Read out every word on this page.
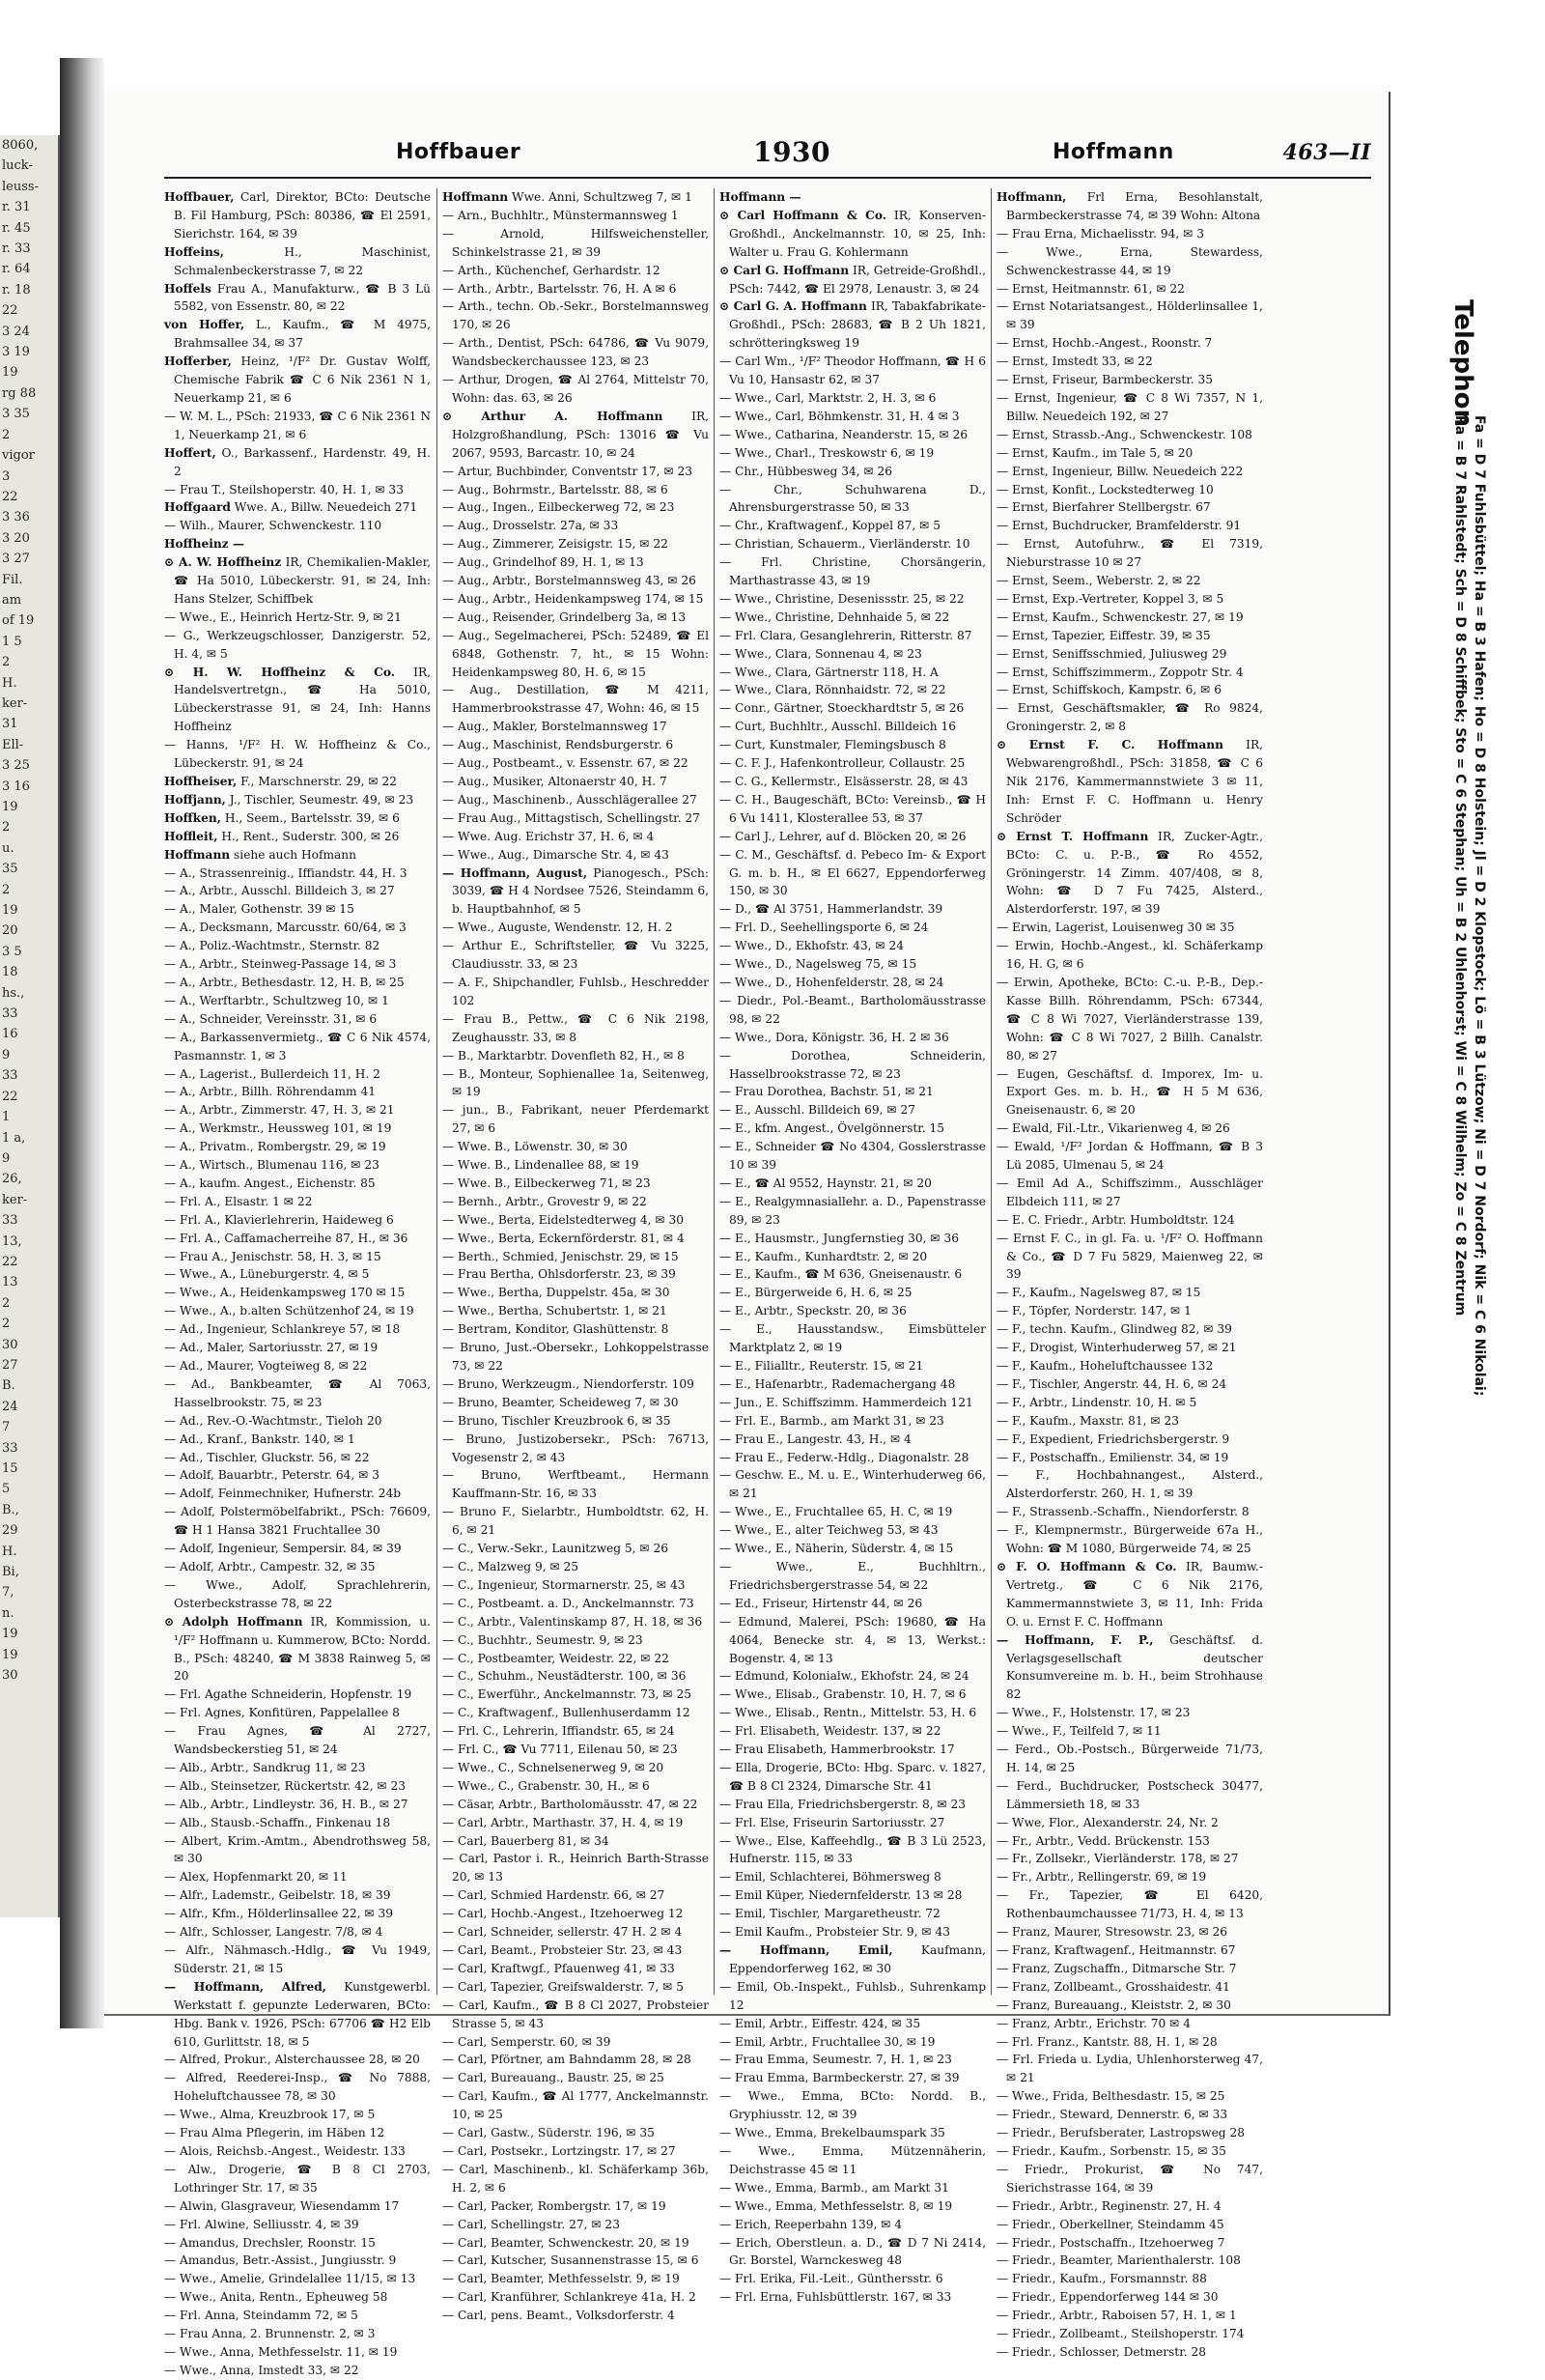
8060,
luck-
leuss-
r. 31
r. 45
r. 33
r. 64
r. 18
22
3 24
3 19
19
rg 88
3 35
2
vigor
3
22
3 36
3 20
3 27
Fil.
am
of 19
1 5
2
H.
ker-
31
Ell-
3 25
3 16
19
2
u.
35
2
19
20
3 5
18
hs.,
33
16
9
33
22
1
1 a,
9
26,
ker-
33
13,
22
13
2
2
30
27
B.
24
7
33
15
5
B.,
29
H.
Bi,
7,
n.
19
19
30
Hoffbauer	1930	Hoffmann	463—II

Hoffbauer, Carl, Direktor, BCto: Deutsche B. Fil Hamburg, PSch: 80386, ☎ El 2591, Sierichstr. 164, ✉ 39

Hoffeins, H., Maschinist, Schmalenbeckerstrasse 7, ✉ 22

Hoffels Frau A., Manufakturw., ☎ B 3 Lü 5582, von Essenstr. 80, ✉ 22

von Hoffer, L., Kaufm., ☎ M 4975, Brahmsallee 34, ✉ 37

Hofferber, Heinz, ¹/F² Dr. Gustav Wolff, Chemische Fabrik ☎ C 6 Nik 2361 N 1, Neuerkamp 21, ✉ 6

— W. M. L., PSch: 21933, ☎ C 6 Nik 2361 N 1, Neuerkamp 21, ✉ 6

Hoffert, O., Barkassenf., Hardenstr. 49, H. 2

— Frau T., Steilshoperstr. 40, H. 1, ✉ 33

Hoffgaard Wwe. A., Billw. Neuedeich 271

— Wilh., Maurer, Schwenckestr. 110

Hoffheinz —

⊙ A. W. Hoffheinz IR, Chemikalien-Makler, ☎ Ha 5010, Lübeckerstr. 91, ✉ 24, Inh: Hans Stelzer, Schiffbek

— Wwe., E., Heinrich Hertz-Str. 9, ✉ 21

— G., Werkzeugschlosser, Danzigerstr. 52, H. 4, ✉ 5

⊙ H. W. Hoffheinz & Co. IR, Handelsvertretgn., ☎ Ha 5010, Lübeckerstrasse 91, ✉ 24, Inh: Hanns Hoffheinz

— Hanns, ¹/F² H. W. Hoffheinz & Co., Lübeckerstr. 91, ✉ 24

Hoffheiser, F., Marschnerstr. 29, ✉ 22

Hoffjann, J., Tischler, Seumestr. 49, ✉ 23

Hoffken, H., Seem., Bartelsstr. 39, ✉ 6

Hoffleit, H., Rent., Suderstr. 300, ✉ 26

Hoffmann siehe auch Hofmann

— A., Strassenreinig., Iffiandstr. 44, H. 3

— A., Arbtr., Ausschl. Billdeich 3, ✉ 27

— A., Maler, Gothenstr. 39 ✉ 15

— A., Decksmann, Marcusstr. 60/64, ✉ 3

— A., Poliz.-Wachtmstr., Sternstr. 82

— A., Arbtr., Steinweg-Passage 14, ✉ 3

— A., Arbtr., Bethesdastr. 12, H. B, ✉ 25

— A., Werftarbtr., Schultzweg 10, ✉ 1

— A., Schneider, Vereinsstr. 31, ✉ 6

— A., Barkassenvermietg., ☎ C 6 Nik 4574, Pasmannstr. 1, ✉ 3

— A., Lagerist., Bullerdeich 11, H. 2

— A., Arbtr., Billh. Röhrendamm 41

— A., Arbtr., Zimmerstr. 47, H. 3, ✉ 21

— A., Werkmstr., Heussweg 101, ✉ 19

— A., Privatm., Rombergstr. 29, ✉ 19

— A., Wirtsch., Blumenau 116, ✉ 23

— A., kaufm. Angest., Eichenstr. 85

— Frl. A., Elsastr. 1 ✉ 22

— Frl. A., Klavierlehrerin, Haideweg 6

— Frl. A., Caffamacherreihe 87, H., ✉ 36

— Frau A., Jenischstr. 58, H. 3, ✉ 15

— Wwe., A., Lüneburgerstr. 4, ✉ 5

— Wwe., A., Heidenkampsweg 170 ✉ 15

— Wwe., A., b.alten Schützenhof 24, ✉ 19

— Ad., Ingenieur, Schlankreye 57, ✉ 18

— Ad., Maler, Sartoriusstr. 27, ✉ 19

— Ad., Maurer, Vogteiweg 8, ✉ 22

— Ad., Bankbeamter, ☎ Al 7063, Hasselbrookstr. 75, ✉ 23

— Ad., Rev.-O.-Wachtmstr., Tieloh 20

— Ad., Kranf., Bankstr. 140, ✉ 1

— Ad., Tischler, Gluckstr. 56, ✉ 22

— Adolf, Bauarbtr., Peterstr. 64, ✉ 3

— Adolf, Feinmechniker, Hufnerstr. 24b

— Adolf, Polstermöbelfabrikt., PSch: 76609, ☎ H 1 Hansa 3821 Fruchtallee 30

— Adolf, Ingenieur, Sempersir. 84, ✉ 39

— Adolf, Arbtr., Campestr. 32, ✉ 35

— Wwe., Adolf, Sprachlehrerin, Osterbeckstrasse 78, ✉ 22

⊙ Adolph Hoffmann IR, Kommission, u. ¹/F² Hoffmann u. Kummerow, BCto: Nordd. B., PSch: 48240, ☎ M 3838 Rainweg 5, ✉ 20

— Frl. Agathe Schneiderin, Hopfenstr. 19

— Frl. Agnes, Konfitüren, Pappelallee 8

— Frau Agnes, ☎ Al 2727, Wandsbeckerstieg 51, ✉ 24

— Alb., Arbtr., Sandkrug 11, ✉ 23

— Alb., Steinsetzer, Rückertstr. 42, ✉ 23

— Alb., Arbtr., Lindleystr. 36, H. B., ✉ 27

— Alb., Stausb.-Schaffn., Finkenau 18

— Albert, Krim.-Amtm., Abendrothsweg 58, ✉ 30

— Alex, Hopfenmarkt 20, ✉ 11

— Alfr., Lademstr., Geibelstr. 18, ✉ 39

— Alfr., Kfm., Hölderlinsallee 22, ✉ 39

— Alfr., Schlosser, Langestr. 7/8, ✉ 4

— Alfr., Nähmasch.-Hdlg., ☎ Vu 1949, Süderstr. 21, ✉ 15

— Hoffmann, Alfred, Kunstgewerbl. Werkstatt f. gepunzte Lederwaren, BCto: Hbg. Bank v. 1926, PSch: 67706 ☎ H2 Elb 610, Gurlittstr. 18, ✉ 5

— Alfred, Prokur., Alsterchaussee 28, ✉ 20

— Alfred, Reederei-Insp., ☎ No 7888, Hoheluftchaussee 78, ✉ 30

— Wwe., Alma, Kreuzbrook 17, ✉ 5

— Frau Alma Pflegerin, im Häben 12

— Alois, Reichsb.-Angest., Weidestr. 133

— Alw., Drogerie, ☎ B 8 Cl 2703, Lothringer Str. 17, ✉ 35

— Alwin, Glasgraveur, Wiesendamm 17

— Frl. Alwine, Selliusstr. 4, ✉ 39

— Amandus, Drechsler, Roonstr. 15

— Amandus, Betr.-Assist., Jungiusstr. 9

— Wwe., Amelie, Grindelallee 11/15, ✉ 13

— Wwe., Anita, Rentn., Epheuweg 58

— Frl. Anna, Steindamm 72, ✉ 5

— Frau Anna, 2. Brunnenstr. 2, ✉ 3

— Wwe., Anna, Methfesselstr. 11, ✉ 19

— Wwe., Anna, Imstedt 33, ✉ 22

Hoffmann Wwe. Anni, Schultzweg 7, ✉ 1

— Arn., Buchhltr., Münstermannsweg 1

— Arnold, Hilfsweichensteller, Schinkelstrasse 21, ✉ 39

— Arth., Küchenchef, Gerhardstr. 12

— Arth., Arbtr., Bartelsstr. 76, H. A ✉ 6

— Arth., techn. Ob.-Sekr., Borstelmannsweg 170, ✉ 26

— Arth., Dentist, PSch: 64786, ☎ Vu 9079, Wandsbeckerchaussee 123, ✉ 23

— Arthur, Drogen, ☎ Al 2764, Mittelstr 70, Wohn: das. 63, ✉ 26

⊙ Arthur A. Hoffmann IR, Holzgroßhandlung, PSch: 13016 ☎ Vu 2067, 9593, Barcastr. 10, ✉ 24

— Artur, Buchbinder, Conventstr 17, ✉ 23

— Aug., Bohrmstr., Bartelsstr. 88, ✉ 6

— Aug., Ingen., Eilbeckerweg 72, ✉ 23

— Aug., Drosselstr. 27a, ✉ 33

— Aug., Zimmerer, Zeisigstr. 15, ✉ 22

— Aug., Grindelhof 89, H. 1, ✉ 13

— Aug., Arbtr., Borstelmannsweg 43, ✉ 26

— Aug., Arbtr., Heidenkampsweg 174, ✉ 15

— Aug., Reisender, Grindelberg 3a, ✉ 13

— Aug., Segelmacherei, PSch: 52489, ☎ El 6848, Gothenstr. 7, ht., ✉ 15 Wohn: Heidenkampsweg 80, H. 6, ✉ 15

— Aug., Destillation, ☎ M 4211, Hammerbrookstrasse 47, Wohn: 46, ✉ 15

— Aug., Makler, Borstelmannsweg 17

— Aug., Maschinist, Rendsburgerstr. 6

— Aug., Postbeamt., v. Essenstr. 67, ✉ 22

— Aug., Musiker, Altonaerstr 40, H. 7

— Aug., Maschinenb., Ausschlägerallee 27

— Frau Aug., Mittagstisch, Schellingstr. 27

— Wwe. Aug. Erichstr 37, H. 6, ✉ 4

— Wwe., Aug., Dimarsche Str. 4, ✉ 43

— Hoffmann, August, Pianogesch., PSch: 3039, ☎ H 4 Nordsee 7526, Steindamm 6, b. Hauptbahnhof, ✉ 5

— Wwe., Auguste, Wendenstr. 12, H. 2

— Arthur E., Schriftsteller, ☎ Vu 3225, Claudiusstr. 33, ✉ 23

— A. F., Shipchandler, Fuhlsb., Heschredder 102

— Frau B., Pettw., ☎ C 6 Nik 2198, Zeughausstr. 33, ✉ 8

— B., Marktarbtr. Dovenfleth 82, H., ✉ 8

— B., Monteur, Sophienallee 1a, Seitenweg, ✉ 19

— jun., B., Fabrikant, neuer Pferdemarkt 27, ✉ 6

— Wwe. B., Löwenstr. 30, ✉ 30

— Wwe. B., Lindenallee 88, ✉ 19

— Wwe. B., Eilbeckerweg 71, ✉ 23

— Bernh., Arbtr., Grovestr 9, ✉ 22

— Wwe., Berta, Eidelstedterweg 4, ✉ 30

— Wwe., Berta, Eckernförderstr. 81, ✉ 4

— Berth., Schmied, Jenischstr. 29, ✉ 15

— Frau Bertha, Ohlsdorferstr. 23, ✉ 39

— Wwe., Bertha, Duppelstr. 45a, ✉ 30

— Wwe., Bertha, Schubertstr. 1, ✉ 21

— Bertram, Konditor, Glashüttenstr. 8

— Bruno, Just.-Obersekr., Lohkoppelstrasse 73, ✉ 22

— Bruno, Werkzeugm., Niendorferstr. 109

— Bruno, Beamter, Scheideweg 7, ✉ 30

— Bruno, Tischler Kreuzbrook 6, ✉ 35

— Bruno, Justizobersekr., PSch: 76713, Vogesenstr 2, ✉ 43

— Bruno, Werftbeamt., Hermann Kauffmann-Str. 16, ✉ 33

— Bruno F., Sielarbtr., Humboldtstr. 62, H. 6, ✉ 21

— C., Verw.-Sekr., Launitzweg 5, ✉ 26

— C., Malzweg 9, ✉ 25

— C., Ingenieur, Stormarnerstr. 25, ✉ 43

— C., Postbeamt. a. D., Anckelmannstr. 73

— C., Arbtr., Valentinskamp 87, H. 18, ✉ 36

— C., Buchhtr., Seumestr. 9, ✉ 23

— C., Postbeamter, Weidestr. 22, ✉ 22

— C., Schuhm., Neustädterstr. 100, ✉ 36

— C., Ewerführ., Anckelmannstr. 73, ✉ 25

— C., Kraftwagenf., Bullenhuserdamm 12

— Frl. C., Lehrerin, Iffiandstr. 65, ✉ 24

— Frl. C., ☎ Vu 7711, Eilenau 50, ✉ 23

— Wwe., C., Schnelsenerweg 9, ✉ 20

— Wwe., C., Grabenstr. 30, H., ✉ 6

— Cäsar, Arbtr., Bartholomäusstr. 47, ✉ 22

— Carl, Arbtr., Marthastr. 37, H. 4, ✉ 19

— Carl, Bauerberg 81, ✉ 34

— Carl, Pastor i. R., Heinrich Barth-Strasse 20, ✉ 13

— Carl, Schmied Hardenstr. 66, ✉ 27

— Carl, Hochb.-Angest., Itzehoerweg 12

— Carl, Schneider, sellerstr. 47 H. 2 ✉ 4

— Carl, Beamt., Probsteier Str. 23, ✉ 43

— Carl, Kraftwgf., Pfauenweg 41, ✉ 33

— Carl, Tapezier, Greifswalderstr. 7, ✉ 5

— Carl, Kaufm., ☎ B 8 Cl 2027, Probsteier Strasse 5, ✉ 43

— Carl, Semperstr. 60, ✉ 39

— Carl, Pförtner, am Bahndamm 28, ✉ 28

— Carl, Bureauang., Baustr. 25, ✉ 25

— Carl, Kaufm., ☎ Al 1777, Anckelmannstr. 10, ✉ 25

— Carl, Gastw., Süderstr. 196, ✉ 35

— Carl, Postsekr., Lortzingstr. 17, ✉ 27

— Carl, Maschinenb., kl. Schäferkamp 36b, H. 2, ✉ 6

— Carl, Packer, Rombergstr. 17, ✉ 19

— Carl, Schellingstr. 27, ✉ 23

— Carl, Beamter, Schwenckestr. 20, ✉ 19

— Carl, Kutscher, Susannenstrasse 15, ✉ 6

— Carl, Beamter, Methfesselstr. 9, ✉ 19

— Carl, Kranführer, Schlankreye 41a, H. 2

— Carl, pens. Beamt., Volksdorferstr. 4

Hoffmann —

⊙ Carl Hoffmann & Co. IR, Konserven-Großhdl., Anckelmannstr. 10, ✉ 25, Inh: Walter u. Frau G. Kohlermann

⊙ Carl G. Hoffmann IR, Getreide-Großhdl., PSch: 7442, ☎ El 2978, Lenaustr. 3, ✉ 24

⊙ Carl G. A. Hoffmann IR, Tabakfabrikate-Großhdl., PSch: 28683, ☎ B 2 Uh 1821, schrötteringksweg 19

— Carl Wm., ¹/F² Theodor Hoffmann, ☎ H 6 Vu 10, Hansastr 62, ✉ 37

— Wwe., Carl, Marktstr. 2, H. 3, ✉ 6

— Wwe., Carl, Böhmkenstr. 31, H. 4 ✉ 3

— Wwe., Catharina, Neanderstr. 15, ✉ 26

— Wwe., Charl., Treskowstr 6, ✉ 19

— Chr., Hübbesweg 34, ✉ 26

— Chr., Schuhwarena D., Ahrensburgerstrasse 50, ✉ 33

— Chr., Kraftwagenf., Koppel 87, ✉ 5

— Christian, Schauerm., Vierländerstr. 10

— Frl. Christine, Chorsängerin, Marthastrasse 43, ✉ 19

— Wwe., Christine, Desenissstr. 25, ✉ 22

— Wwe., Christine, Dehnhaide 5, ✉ 22

— Frl. Clara, Gesanglehrerin, Ritterstr. 87

— Wwe., Clara, Sonnenau 4, ✉ 23

— Wwe., Clara, Gärtnerstr 118, H. A

— Wwe., Clara, Rönnhaidstr. 72, ✉ 22

— Conr., Gärtner, Stoeckhardtstr 5, ✉ 26

— Curt, Buchhltr., Ausschl. Billdeich 16

— Curt, Kunstmaler, Flemingsbusch 8

— C. F. J., Hafenkontrolleur, Collaustr. 25

— C. G., Kellermstr., Elsässerstr. 28, ✉ 43

— C. H., Baugeschäft, BCto: Vereinsb., ☎ H 6 Vu 1411, Klosterallee 53, ✉ 37

— Carl J., Lehrer, auf d. Blöcken 20, ✉ 26

— C. M., Geschäftsf. d. Pebeco Im- & Export G. m. b. H., ✉ El 6627, Eppendorferweg 150, ✉ 30

— D., ☎ Al 3751, Hammerlandstr. 39

— Frl. D., Seehellingsporte 6, ✉ 24

— Wwe., D., Ekhofstr. 43, ✉ 24

— Wwe., D., Nagelsweg 75, ✉ 15

— Wwe., D., Hohenfelderstr. 28, ✉ 24

— Diedr., Pol.-Beamt., Bartholomäusstrasse 98, ✉ 22

— Wwe., Dora, Königstr. 36, H. 2 ✉ 36

— Dorothea, Schneiderin, Hasselbrookstrasse 72, ✉ 23

— Frau Dorothea, Bachstr. 51, ✉ 21

— E., Ausschl. Billdeich 69, ✉ 27

— E., kfm. Angest., Övelgönnerstr. 15

— E., Schneider ☎ No 4304, Gosslerstrasse 10 ✉ 39

— E., ☎ Al 9552, Haynstr. 21, ✉ 20

— E., Realgymnasiallehr. a. D., Papenstrasse 89, ✉ 23

— E., Hausmstr., Jungfernstieg 30, ✉ 36

— E., Kaufm., Kunhardtstr. 2, ✉ 20

— E., Kaufm., ☎ M 636, Gneisenaustr. 6

— E., Bürgerweide 6, H. 6, ✉ 25

— E., Arbtr., Speckstr. 20, ✉ 36

— E., Hausstandsw., Eimsbütteler Marktplatz 2, ✉ 19

— E., Filialltr., Reuterstr. 15, ✉ 21

— E., Hafenarbtr., Rademachergang 48

— Jun., E. Schiffszimm. Hammerdeich 121

— Frl. E., Barmb., am Markt 31, ✉ 23

— Frau E., Langestr. 43, H., ✉ 4

— Frau E., Federw.-Hdlg., Diagonalstr. 28

— Geschw. E., M. u. E., Winterhuderweg 66, ✉ 21

— Wwe., E., Fruchtallee 65, H. C, ✉ 19

— Wwe., E., alter Teichweg 53, ✉ 43

— Wwe., E., Näherin, Süderstr. 4, ✉ 15

— Wwe., E., Buchhltrn., Friedrichsbergerstrasse 54, ✉ 22

— Ed., Friseur, Hirtenstr 44, ✉ 26

— Edmund, Malerei, PSch: 19680, ☎ Ha 4064, Benecke str. 4, ✉ 13, Werkst.: Bogenstr. 4, ✉ 13

— Edmund, Kolonialw., Ekhofstr. 24, ✉ 24

— Wwe., Elisab., Grabenstr. 10, H. 7, ✉ 6

— Wwe., Elisab., Rentn., Mittelstr. 53, H. 6

— Frl. Elisabeth, Weidestr. 137, ✉ 22

— Frau Elisabeth, Hammerbrookstr. 17

— Ella, Drogerie, BCto: Hbg. Sparc. v. 1827, ☎ B 8 Cl 2324, Dimarsche Str. 41

— Frau Ella, Friedrichsbergerstr. 8, ✉ 23

— Frl. Else, Friseurin Sartoriusstr. 27

— Wwe., Else, Kaffeehdlg., ☎ B 3 Lü 2523, Hufnerstr. 115, ✉ 33

— Emil, Schlachterei, Böhmersweg 8

— Emil Küper, Niedernfelderstr. 13 ✉ 28

— Emil, Tischler, Margaretheustr. 72

— Emil Kaufm., Probsteier Str. 9, ✉ 43

— Hoffmann, Emil, Kaufmann, Eppendorferweg 162, ✉ 30

— Emil, Ob.-Inspekt., Fuhlsb., Suhrenkamp 12

— Emil, Arbtr., Eiffestr. 424, ✉ 35

— Emil, Arbtr., Fruchtallee 30, ✉ 19

— Frau Emma, Seumestr. 7, H. 1, ✉ 23

— Frau Emma, Barmbeckerstr. 27, ✉ 39

— Wwe., Emma, BCto: Nordd. B., Gryphiusstr. 12, ✉ 39

— Wwe., Emma, Brekelbaumspark 35

— Wwe., Emma, Mützennäherin, Deichstrasse 45 ✉ 11

— Wwe., Emma, Barmb., am Markt 31

— Wwe., Emma, Methfesselstr. 8, ✉ 19

— Erich, Reeperbahn 139, ✉ 4

— Erich, Oberstleun. a. D., ☎ D 7 Ni 2414, Gr. Borstel, Warnckesweg 48

— Frl. Erika, Fil.-Leit., Günthersstr. 6

— Frl. Erna, Fuhlsbüttlerstr. 167, ✉ 33

Hoffmann, Frl Erna, Besohlanstalt, Barmbeckerstrasse 74, ✉ 39 Wohn: Altona

— Frau Erna, Michaelisstr. 94, ✉ 3

— Wwe., Erna, Stewardess, Schwenckestrasse 44, ✉ 19

— Ernst, Heitmannstr. 61, ✉ 22

— Ernst Notariatsangest., Hölderlinsallee 1, ✉ 39

— Ernst, Hochb.-Angest., Roonstr. 7

— Ernst, Imstedt 33, ✉ 22

— Ernst, Friseur, Barmbeckerstr. 35

— Ernst, Ingenieur, ☎ C 8 Wi 7357, N 1, Billw. Neuedeich 192, ✉ 27

— Ernst, Strassb.-Ang., Schwenckestr. 108

— Ernst, Kaufm., im Tale 5, ✉ 20

— Ernst, Ingenieur, Billw. Neuedeich 222

— Ernst, Konfit., Lockstedterweg 10

— Ernst, Bierfahrer Stellbergstr. 67

— Ernst, Buchdrucker, Bramfelderstr. 91

— Ernst, Autofuhrw., ☎ El 7319, Nieburstrasse 10 ✉ 27

— Ernst, Seem., Weberstr. 2, ✉ 22

— Ernst, Exp.-Vertreter, Koppel 3, ✉ 5

— Ernst, Kaufm., Schwenckestr. 27, ✉ 19

— Ernst, Tapezier, Eiffestr. 39, ✉ 35

— Ernst, Seniffsschmied, Juliusweg 29

— Ernst, Schiffszimmerm., Zoppotr Str. 4

— Ernst, Schiffskoch, Kampstr. 6, ✉ 6

— Ernst, Geschäftsmakler, ☎ Ro 9824, Groningerstr. 2, ✉ 8

⊙ Ernst F. C. Hoffmann IR, Webwarengroßhdl., PSch: 31858, ☎ C 6 Nik 2176, Kammermannstwiete 3 ✉ 11, Inh: Ernst F. C. Hoffmann u. Henry Schröder

⊙ Ernst T. Hoffmann IR, Zucker-Agtr., BCto: C. u. P.-B., ☎ Ro 4552, Gröningerstr. 14 Zimm. 407/408, ✉ 8, Wohn: ☎ D 7 Fu 7425, Alsterd., Alsterdorferstr. 197, ✉ 39

— Erwin, Lagerist, Louisenweg 30 ✉ 35

— Erwin, Hochb.-Angest., kl. Schäferkamp 16, H. G, ✉ 6

— Erwin, Apotheke, BCto: C.-u. P.-B., Dep.-Kasse Billh. Röhrendamm, PSch: 67344, ☎ C 8 Wi 7027, Vierländerstrasse 139, Wohn: ☎ C 8 Wi 7027, 2 Billh. Canalstr. 80, ✉ 27

— Eugen, Geschäftsf. d. Imporex, Im- u. Export Ges. m. b. H., ☎ H 5 M 636, Gneisenaustr. 6, ✉ 20

— Ewald, Fil.-Ltr., Vikarienweg 4, ✉ 26

— Ewald, ¹/F² Jordan & Hoffmann, ☎ B 3 Lü 2085, Ulmenau 5, ✉ 24

— Emil Ad A., Schiffszimm., Ausschläger Elbdeich 111, ✉ 27

— E. C. Friedr., Arbtr. Humboldtstr. 124

— Ernst F. C., in gl. Fa. u. ¹/F² O. Hoffmann & Co., ☎ D 7 Fu 5829, Maienweg 22, ✉ 39

— F., Kaufm., Nagelsweg 87, ✉ 15

— F., Töpfer, Norderstr. 147, ✉ 1

— F., techn. Kaufm., Glindweg 82, ✉ 39

— F., Drogist, Winterhuderweg 57, ✉ 21

— F., Kaufm., Hoheluftchaussee 132

— F., Tischler, Angerstr. 44, H. 6, ✉ 24

— F., Arbtr., Lindenstr. 10, H. ✉ 5

— F., Kaufm., Maxstr. 81, ✉ 23

— F., Expedient, Friedrichsbergerstr. 9

— F., Postschaffn., Emilienstr. 34, ✉ 19

— F., Hochbahnangest., Alsterd., Alsterdorferstr. 260, H. 1, ✉ 39

— F., Strassenb.-Schaffn., Niendorferstr. 8

— F., Klempnermstr., Bürgerweide 67a H., Wohn: ☎ M 1080, Bürgerweide 74, ✉ 25

⊙ F. O. Hoffmann & Co. IR, Baumw.-Vertretg., ☎ C 6 Nik 2176, Kammermannstwiete 3, ✉ 11, Inh: Frida O. u. Ernst F. C. Hoffmann

— Hoffmann, F. P., Geschäftsf. d. Verlagsgesellschaft deutscher Konsumvereine m. b. H., beim Strohhause 82

— Wwe., F., Holstenstr. 17, ✉ 23

— Wwe., F., Teilfeld 7, ✉ 11

— Ferd., Ob.-Postsch., Bürgerweide 71/73, H. 14, ✉ 25

— Ferd., Buchdrucker, Postscheck 30477, Lämmersieth 18, ✉ 33

— Wwe, Flor., Alexanderstr. 24, Nr. 2

— Fr., Arbtr., Vedd. Brückenstr. 153

— Fr., Zollsekr., Vierländerstr. 178, ✉ 27

— Fr., Arbtr., Rellingerstr. 69, ✉ 19

— Fr., Tapezier, ☎ El 6420, Rothenbaumchaussee 71/73, H. 4, ✉ 13

— Franz, Maurer, Stresowstr. 23, ✉ 26

— Franz, Kraftwagenf., Heitmannstr. 67

— Franz, Zugschaffn., Ditmarsche Str. 7

— Franz, Zollbeamt., Grosshaidestr. 41

— Franz, Bureauang., Kleiststr. 2, ✉ 30

— Franz, Arbtr., Erichstr. 70 ✉ 4

— Frl. Franz., Kantstr. 88, H. 1, ✉ 28

— Frl. Frieda u. Lydia, Uhlenhorsterweg 47, ✉ 21

— Wwe., Frida, Belthesdastr. 15, ✉ 25

— Friedr., Steward, Dennerstr. 6, ✉ 33

— Friedr., Berufsberater, Lastropsweg 28

— Friedr., Kaufm., Sorbenstr. 15, ✉ 35

— Friedr., Prokurist, ☎ No 747, Sierichstrasse 164, ✉ 39

— Friedr., Arbtr., Reginenstr. 27, H. 4

— Friedr., Oberkellner, Steindamm 45

— Friedr., Postschaffn., Itzehoerweg 7

— Friedr., Beamter, Marienthalerstr. 108

— Friedr., Kaufm., Forsmannstr. 88

— Friedr., Eppendorferweg 144 ✉ 30

— Friedr., Arbtr., Raboisen 57, H. 1, ✉ 1

— Friedr., Zollbeamt., Steilshoperstr. 174

— Friedr., Schlosser, Detmerstr. 28

Telephon
Fa = D 7 Fuhlsbüttel; Ha = B 3 Hafen; Ho = D 8 Holstein; Jl = D 2 Klopstock; Lö = B 3 Lützow; Ni = D 7 Nordorf; Nik = C 6 Nikolai;
Ra = B 7 Rahlstedt; Sch = D 8 Schiffbek; Sto = C 6 Stephan; Uh = B 2 Uhlenhorst; Wi = C 8 Wilhelm; Zo = C 8 Zentrum
